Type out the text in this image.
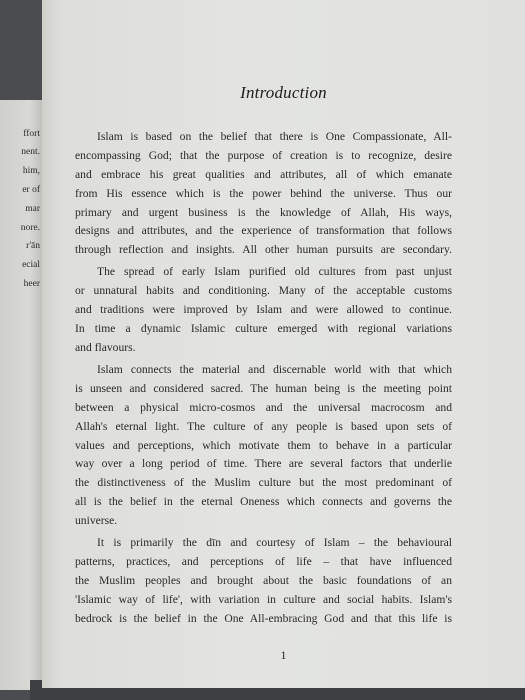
ffort
nent.
him,
er of
mar
nore.
r'ān
ecial
heer
Introduction
Islam is based on the belief that there is One Compassionate, All-
encompassing God; that the purpose of creation is to recognize, desire
and embrace his great qualities and attributes, all of which emanate
from His essence which is the power behind the universe. Thus our
primary and urgent business is the knowledge of Allah, His ways,
designs and attributes, and the experience of transformation that follows
through reflection and insights. All other human pursuits are secondary.
The spread of early Islam purified old cultures from past unjust
or unnatural habits and conditioning. Many of the acceptable customs
and traditions were improved by Islam and were allowed to continue.
In time a dynamic Islamic culture emerged with regional variations
and flavours.
Islam connects the material and discernable world with that which
is unseen and considered sacred. The human being is the meeting point
between a physical micro-cosmos and the universal macrocosm and
Allah's eternal light. The culture of any people is based upon sets of
values and perceptions, which motivate them to behave in a particular
way over a long period of time. There are several factors that underlie
the distinctiveness of the Muslim culture but the most predominant of
all is the belief in the eternal Oneness which connects and governs the
universe.
It is primarily the dīn and courtesy of Islam – the behavioural
patterns, practices, and perceptions of life – that have influenced
the Muslim peoples and brought about the basic foundations of an
'Islamic way of life', with variation in culture and social habits. Islam's
bedrock is the belief in the One All-embracing God and that this life is
1
